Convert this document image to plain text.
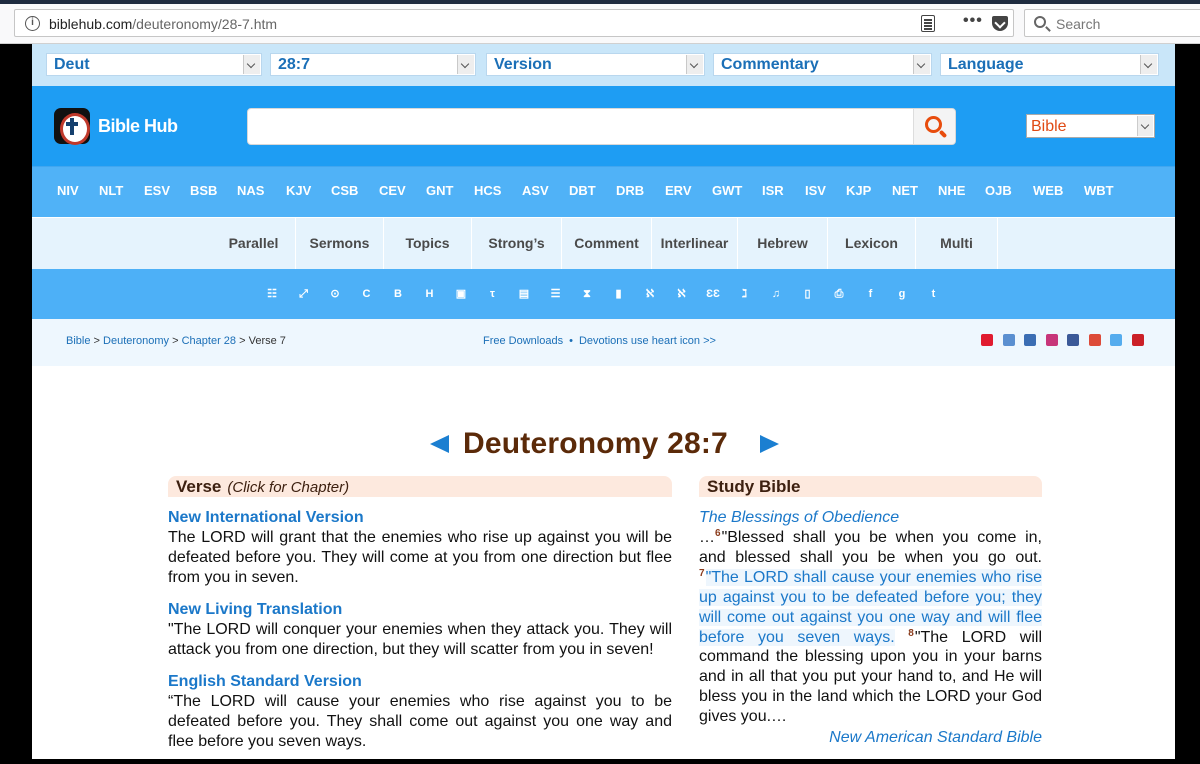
i	biblehub.com/deuteronomy/28-7.htm	•••	Search
Deut	28:7	Version	Commentary	Language
Bible Hub	Bible
NIV NLT ESV BSB NAS KJV CSB CEV GNT HCS ASV DBT DRB ERV GWT ISR ISV KJP NET NHE OJB WEB WBT
Parallel	Sermons	Topics	Strong’s	Comment	Interlinear	Hebrew	Lexicon	Multi
☷	⤢	⊙	C	B	H	▣	τ	▤ ☰	⧗	▮	ℵ	ℵ	ƐƐ	ℷ	♫	▯	⎙	f	g	t
Bible > Deuteronomy > Chapter 28 > Verse 7	Free Downloads • Devotions use heart icon >>
Deuteronomy 28:7
Verse (Click for Chapter)	Study Bible
New International Version
The LORD will grant that the enemies who rise up against you will be defeated before you. They will come at you from one direction but flee from you in seven.
New Living Translation
"The LORD will conquer your enemies when they attack you. They will attack you from one direction, but they will scatter from you in seven!
English Standard Version
“The LORD will cause your enemies who rise against you to be defeated before you. They shall come out against you one way and flee before you seven ways.
The Blessings of Obedience
…$^6$"Blessed shall you be when you come in, and blessed shall you be when you go out. $^7$"The LORD shall cause your enemies who rise up against you to be defeated before you; they will come out against you one way and will flee before you seven ways. $^8$"The LORD will command the blessing upon you in your barns and in all that you put your hand to, and He will bless you in the land which the LORD your God gives you.…
New American Standard Bible
